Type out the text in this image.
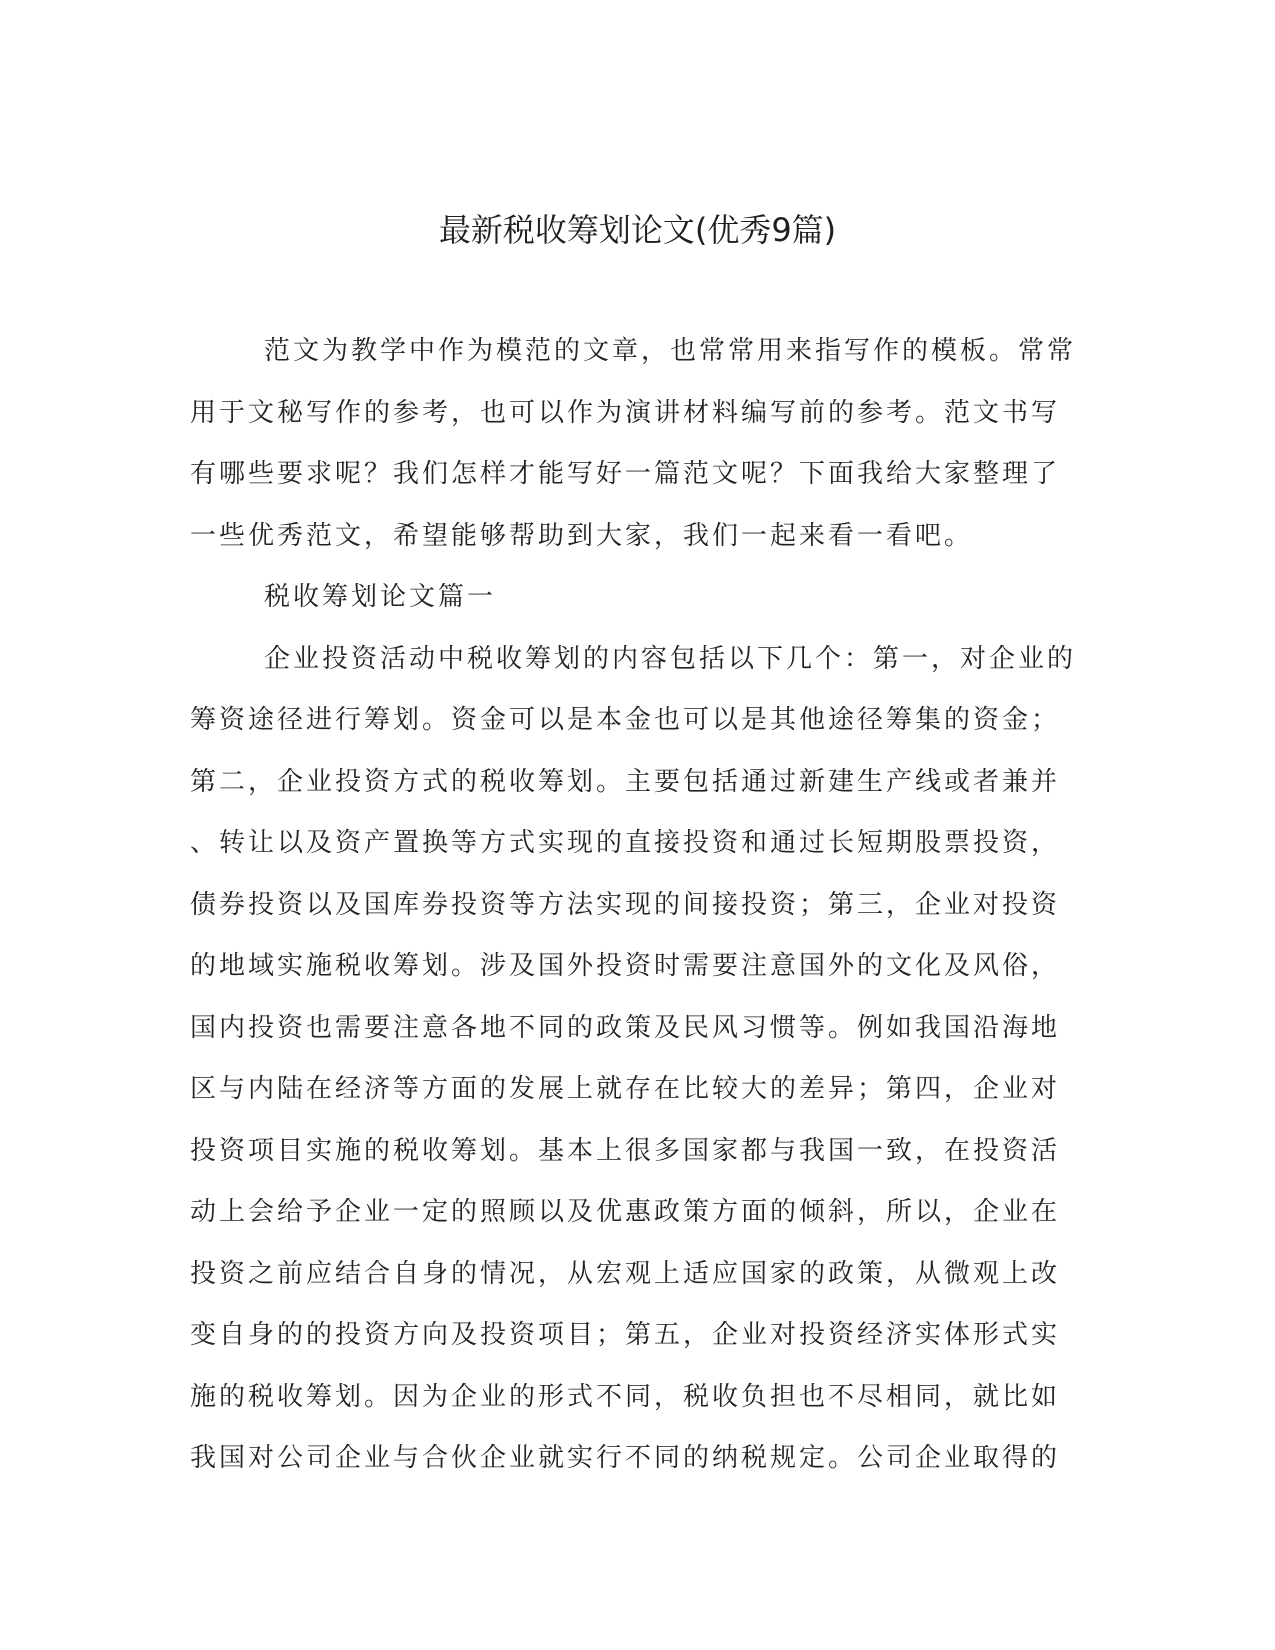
最新税收筹划论文(优秀9篇)
范文为教学中作为模范的文章，也常常用来指写作的模板。常常
用于文秘写作的参考，也可以作为演讲材料编写前的参考。范文书写
有哪些要求呢？我们怎样才能写好一篇范文呢？下面我给大家整理了
一些优秀范文，希望能够帮助到大家，我们一起来看一看吧。
税收筹划论文篇一
企业投资活动中税收筹划的内容包括以下几个：第一，对企业的
筹资途径进行筹划。资金可以是本金也可以是其他途径筹集的资金；
第二，企业投资方式的税收筹划。主要包括通过新建生产线或者兼并
、转让以及资产置换等方式实现的直接投资和通过长短期股票投资，
债券投资以及国库券投资等方法实现的间接投资；第三，企业对投资
的地域实施税收筹划。涉及国外投资时需要注意国外的文化及风俗，
国内投资也需要注意各地不同的政策及民风习惯等。例如我国沿海地
区与内陆在经济等方面的发展上就存在比较大的差异；第四，企业对
投资项目实施的税收筹划。基本上很多国家都与我国一致，在投资活
动上会给予企业一定的照顾以及优惠政策方面的倾斜，所以，企业在
投资之前应结合自身的情况，从宏观上适应国家的政策，从微观上改
变自身的的投资方向及投资项目；第五，企业对投资经济实体形式实
施的税收筹划。因为企业的形式不同，税收负担也不尽相同，就比如
我国对公司企业与合伙企业就实行不同的纳税规定。公司企业取得的
